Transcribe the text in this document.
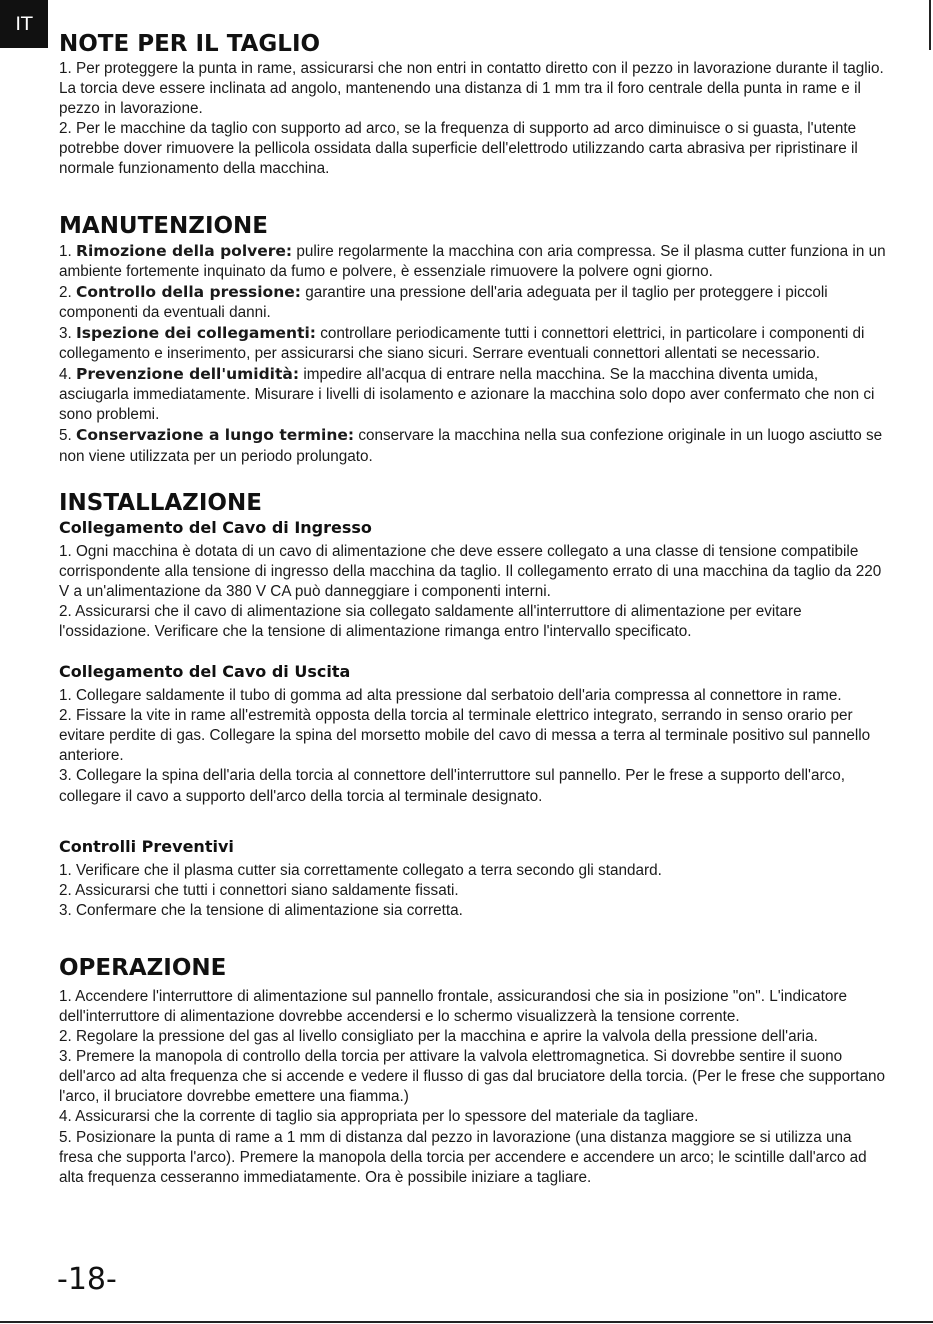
IT
NOTE PER IL TAGLIO

1. Per proteggere la punta in rame, assicurarsi che non entri in contatto diretto con il pezzo in lavorazione durante il taglio. La torcia deve essere inclinata ad angolo, mantenendo una distanza di 1 mm tra il foro centrale della punta in rame e il pezzo in lavorazione.

2. Per le macchine da taglio con supporto ad arco, se la frequenza di supporto ad arco diminuisce o si guasta, l'utente potrebbe dover rimuovere la pellicola ossidata dalla superficie dell'elettrodo utilizzando carta abrasiva per ripristinare il normale funzionamento della macchina.

MANUTENZIONE

1. Rimozione della polvere: pulire regolarmente la macchina con aria compressa. Se il plasma cutter funziona in un ambiente fortemente inquinato da fumo e polvere, è essenziale rimuovere la polvere ogni giorno.

2. Controllo della pressione: garantire una pressione dell'aria adeguata per il taglio per proteggere i piccoli componenti da eventuali danni.

3. Ispezione dei collegamenti: controllare periodicamente tutti i connettori elettrici, in particolare i componenti di collegamento e inserimento, per assicurarsi che siano sicuri. Serrare eventuali connettori allentati se necessario.

4. Prevenzione dell'umidità: impedire all'acqua di entrare nella macchina. Se la macchina diventa umida, asciugarla immediatamente. Misurare i livelli di isolamento e azionare la macchina solo dopo aver confermato che non ci sono problemi.

5. Conservazione a lungo termine: conservare la macchina nella sua confezione originale in un luogo asciutto se non viene utilizzata per un periodo prolungato.

INSTALLAZIONE
Collegamento del Cavo di Ingresso

1. Ogni macchina è dotata di un cavo di alimentazione che deve essere collegato a una classe di tensione compatibile corrispondente alla tensione di ingresso della macchina da taglio. Il collegamento errato di una macchina da taglio da 220 V a un'alimentazione da 380 V CA può danneggiare i componenti interni.

2. Assicurarsi che il cavo di alimentazione sia collegato saldamente all'interruttore di alimentazione per evitare l'ossidazione. Verificare che la tensione di alimentazione rimanga entro l'intervallo specificato.

Collegamento del Cavo di Uscita

1. Collegare saldamente il tubo di gomma ad alta pressione dal serbatoio dell'aria compressa al connettore in rame.

2. Fissare la vite in rame all'estremità opposta della torcia al terminale elettrico integrato, serrando in senso orario per evitare perdite di gas. Collegare la spina del morsetto mobile del cavo di messa a terra al terminale positivo sul pannello anteriore.

3. Collegare la spina dell'aria della torcia al connettore dell'interruttore sul pannello. Per le frese a supporto dell'arco, collegare il cavo a supporto dell'arco della torcia al terminale designato.

Controlli Preventivi

1. Verificare che il plasma cutter sia correttamente collegato a terra secondo gli standard.

2. Assicurarsi che tutti i connettori siano saldamente fissati.

3. Confermare che la tensione di alimentazione sia corretta.

OPERAZIONE

1. Accendere l'interruttore di alimentazione sul pannello frontale, assicurandosi che sia in posizione "on". L'indicatore dell'interruttore di alimentazione dovrebbe accendersi e lo schermo visualizzerà la tensione corrente.

2. Regolare la pressione del gas al livello consigliato per la macchina e aprire la valvola della pressione dell'aria.

3. Premere la manopola di controllo della torcia per attivare la valvola elettromagnetica. Si dovrebbe sentire il suono dell'arco ad alta frequenza che si accende e vedere il flusso di gas dal bruciatore della torcia. (Per le frese che supportano l'arco, il bruciatore dovrebbe emettere una fiamma.)

4. Assicurarsi che la corrente di taglio sia appropriata per lo spessore del materiale da tagliare.

5. Posizionare la punta di rame a 1 mm di distanza dal pezzo in lavorazione (una distanza maggiore se si utilizza una fresa che supporta l'arco). Premere la manopola della torcia per accendere e accendere un arco; le scintille dall'arco ad alta frequenza cesseranno immediatamente. Ora è possibile iniziare a tagliare.

-18-
